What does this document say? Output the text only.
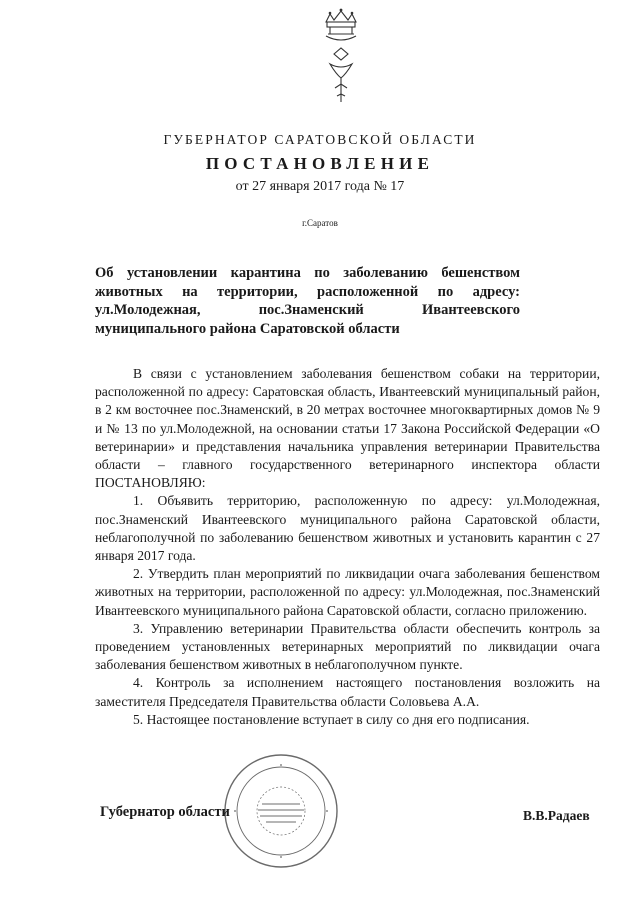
ГУБЕРНАТОР САРАТОВСКОЙ ОБЛАСТИ
ПОСТАНОВЛЕНИЕ
от 27 января 2017 года № 17
г.Саратов
Об установлении карантина по заболеванию бешенством животных на территории, расположенной по адресу: ул.Молодежная, пос.Знаменский Ивантеевского муниципального района Саратовской области

В связи с установлением заболевания бешенством собаки на территории, расположенной по адресу: Саратовская область, Ивантеевский муниципальный район, в 2 км восточнее пос.Знаменский, в 20 метрах восточнее многоквартирных домов № 9 и № 13 по ул.Молодежной, на основании статьи 17 Закона Российской Федерации «О ветеринарии» и представления начальника управления ветеринарии Правительства области – главного государственного ветеринарного инспектора области ПОСТАНОВЛЯЮ:

1. Объявить территорию, расположенную по адресу: ул.Молодежная, пос.Знаменский Ивантеевского муниципального района Саратовской области, неблагополучной по заболеванию бешенством животных и установить карантин с 27 января 2017 года.

2. Утвердить план мероприятий по ликвидации очага заболевания бешенством животных на территории, расположенной по адресу: ул.Молодежная, пос.Знаменский Ивантеевского муниципального района Саратовской области, согласно приложению.

3. Управлению ветеринарии Правительства области обеспечить контроль за проведением установленных ветеринарных мероприятий по ликвидации очага заболевания бешенством животных в неблагополучном пункте.

4. Контроль за исполнением настоящего постановления возложить на заместителя Председателя Правительства области Соловьева А.А.

5. Настоящее постановление вступает в силу со дня его подписания.

Губернатор области	В.В.Радаев
